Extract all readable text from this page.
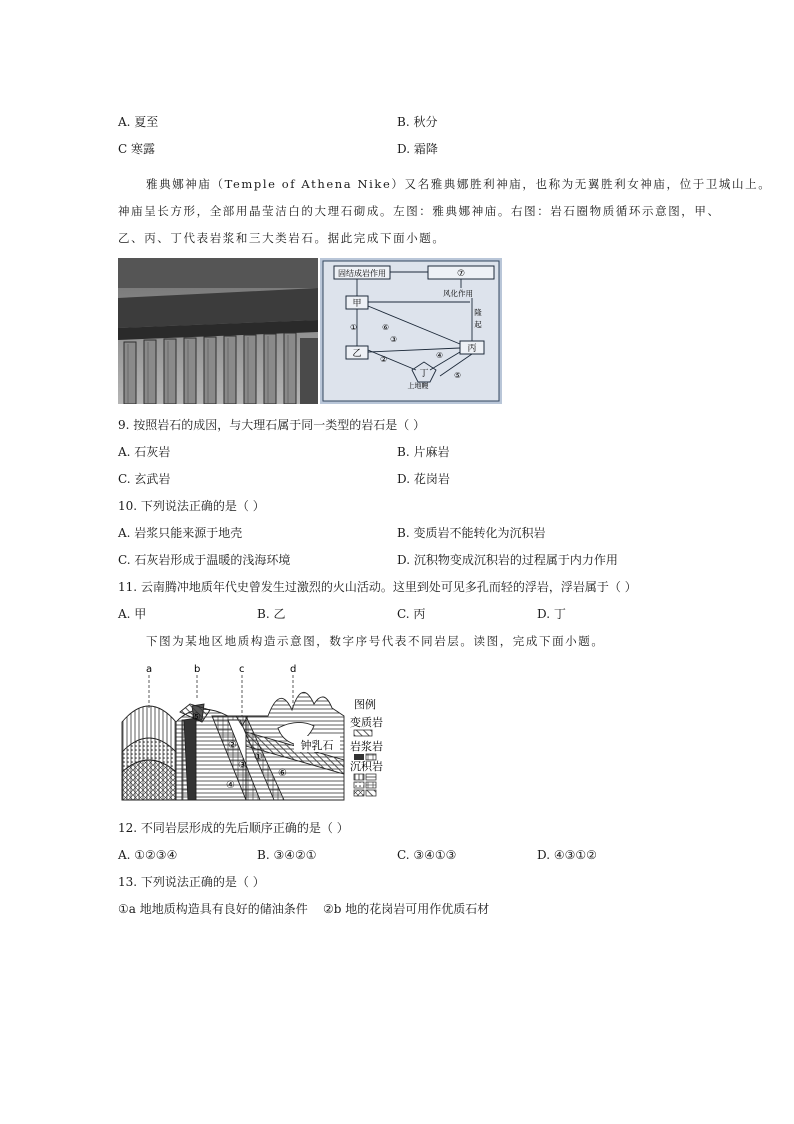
A. 夏至	B. 秋分
C 寒露	D. 霜降
雅典娜神庙（Temple of Athena Nike）又名雅典娜胜利神庙，也称为无翼胜利女神庙，位于卫城山上。
神庙呈长方形，全部用晶莹洁白的大理石砌成。左图：雅典娜神庙。右图：岩石圈物质循环示意图，甲、
乙、丙、丁代表岩浆和三大类岩石。据此完成下面小题。
固结成岩作用	⑦
甲
乙	丙
丁
上地幔
风化作用
隆
起
①
②
③
④
⑤
⑥
9. 按照岩石的成因，与大理石属于同一类型的岩石是（ ）
A. 石灰岩	B. 片麻岩
C. 玄武岩	D. 花岗岩
10. 下列说法正确的是（ ）
A. 岩浆只能来源于地壳	B. 变质岩不能转化为沉积岩
C. 石灰岩形成于温暖的浅海环境	D. 沉积物变成沉积岩的过程属于内力作用
11. 云南腾冲地质年代史曾发生过激烈的火山活动。这里到处可见多孔而轻的浮岩，浮岩属于（ ）
A. 甲	B. 乙	C. 丙	D. 丁
下图为某地区地质构造示意图，数字序号代表不同岩层。读图，完成下面小题。
a	b	c	d
⑤
②
③
④
①
⑥
钟乳石
图例
变质岩
岩浆岩
沉积岩
12. 不同岩层形成的先后顺序正确的是（ ）
A. ①②③④	B. ③④②①	C. ③④①③	D. ④③①②
13. 下列说法正确的是（ ）
①a 地地质构造具有良好的储油条件 ②b 地的花岗岩可用作优质石材
